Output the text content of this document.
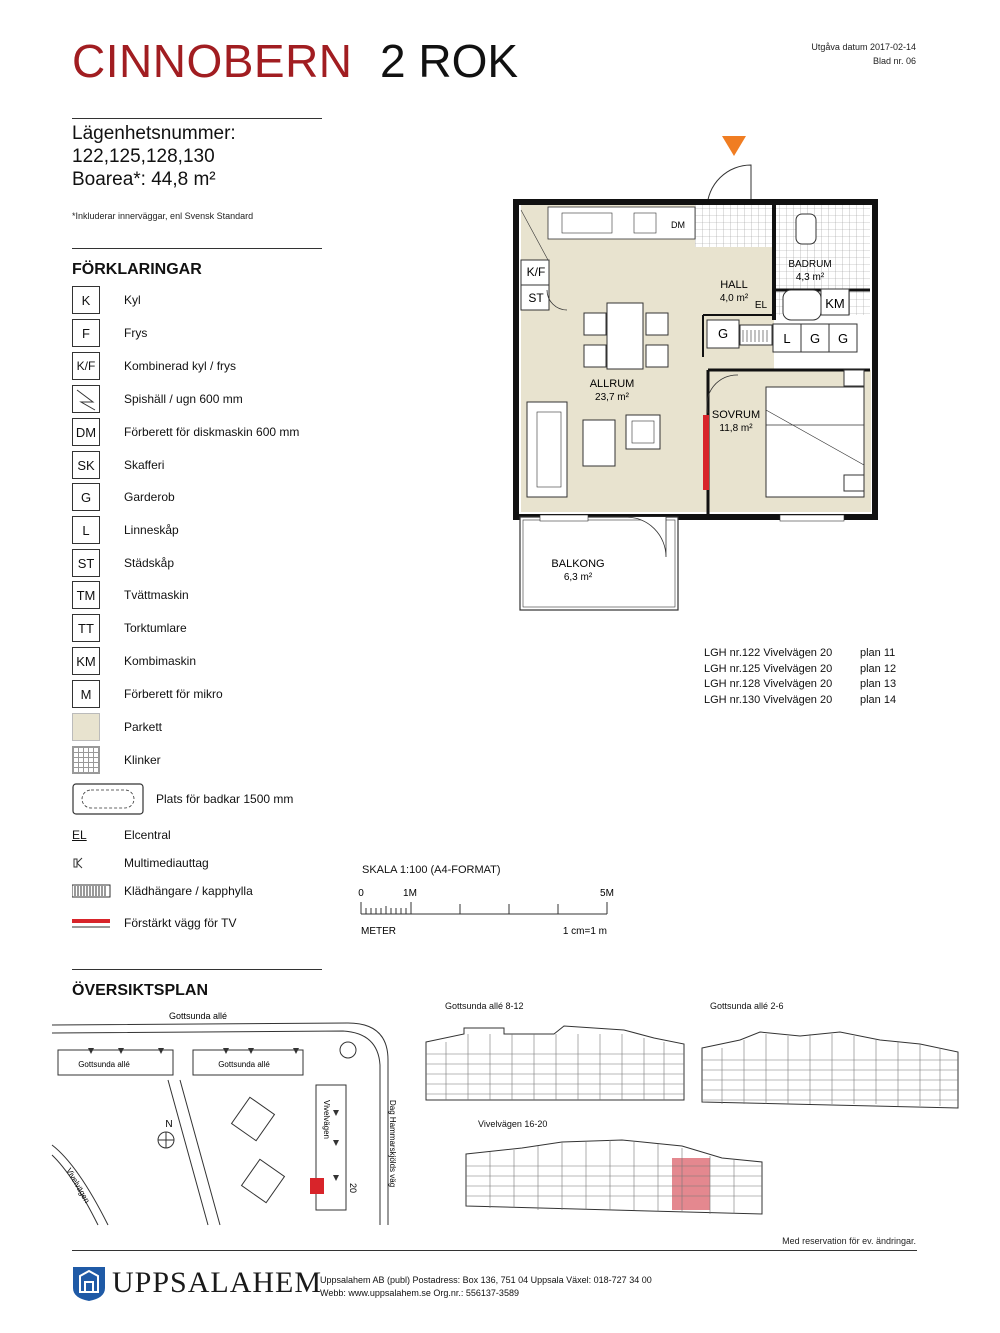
CINNOBERN 2 ROK	Utgåva datum 2017-02-14
Blad nr. 06
Lägenhetsnummer:
122,125,128,130
Boarea*: 44,8 m²
*Inkluderar innerväggar, enl Svensk Standard
FÖRKLARINGAR
K	Kyl
F	Frys
K/F	Kombinerad kyl / frys
Spishäll / ugn 600 mm
DM	Förberett för diskmaskin 600 mm
SK	Skafferi
G	Garderob
L	Linneskåp
ST	Städskåp
TM	Tvättmaskin
TT	Torktumlare
KM	Kombimaskin
M	Förberett för mikro
Parkett
Klinker
Plats för badkar 1500 mm
EL	Elcentral
Multimediauttag
Klädhängare / kapphylla
Förstärkt vägg för TV
K/F
ST
DM
ALLRUM
23,7 m²
SOVRUM
11,8 m²
HALL
4,0 m²
BADRUM
4,3 m²
EL	KM
G	L G G
BALKONG
6,3 m²
LGH nr.122 Vivelvägen 20	plan 11
LGH nr.125 Vivelvägen 20	plan 12
LGH nr.128 Vivelvägen 20	plan 13
LGH nr.130 Vivelvägen 20	plan 14
SKALA 1:100 (A4-FORMAT)
0	1M	5M
METER	1 cm=1 m
ÖVERSIKTSPLAN
N
Gottsunda allé
Gottsunda allé	Gottsunda allé
Vivelvägen
Vivelvägen	Dag Hammarskjölds väg
20
Gottsunda allé 8-12	Gottsunda allé 2-6
Vivelvägen 16-20
Med reservation för ev. ändringar.
UPPSALAHEM
Uppsalahem AB (publ) Postadress: Box 136, 751 04 Uppsala Växel: 018-727 34 00
Webb: www.uppsalahem.se Org.nr.: 556137-3589
